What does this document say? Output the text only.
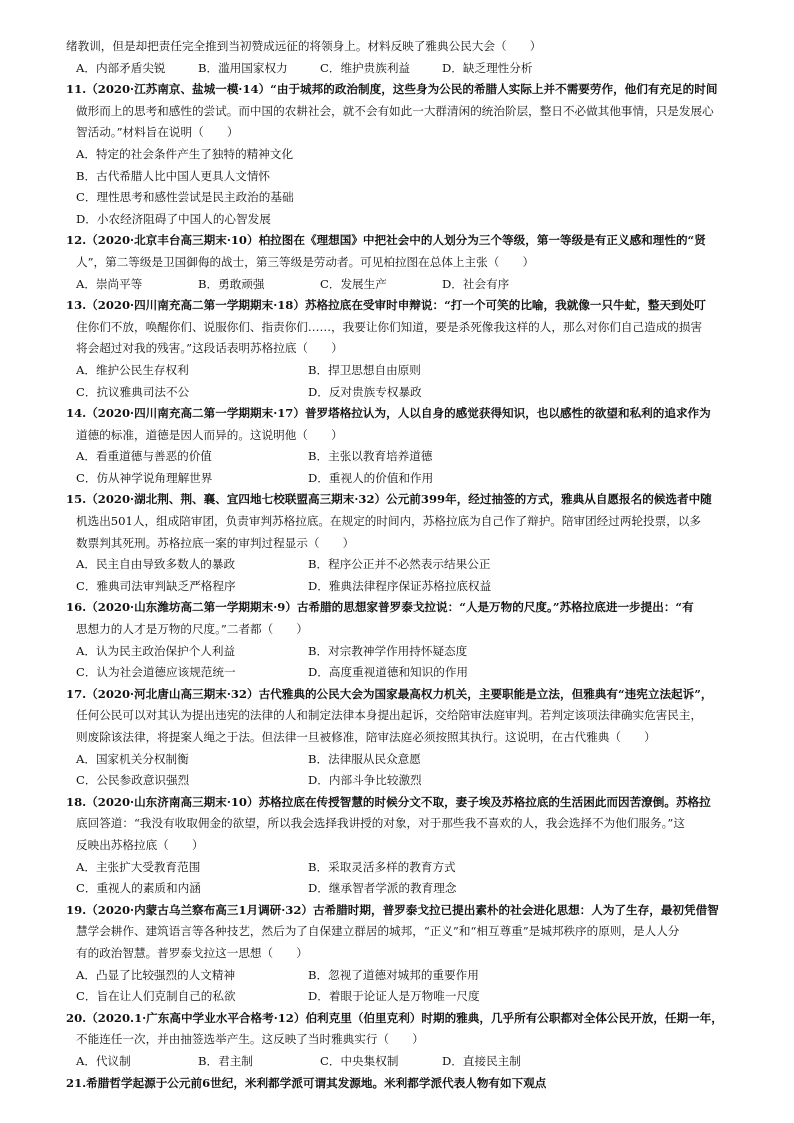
绪教训，但是却把责任完全推到当初赞成远征的将领身上。材料反映了雅典公民大会（　　）
A．内部矛盾尖锐	B．滥用国家权力	C．维护贵族利益	D．缺乏理性分析
11.（2020·江苏南京、盐城一模·14）“由于城邦的政治制度，这些身为公民的希腊人实际上并不需要劳作，他们有充足的时间
做形而上的思考和感性的尝试。而中国的农耕社会，就不会有如此一大群清闲的统治阶层，整日不必做其他事情，只是发展心
智活动。”材料旨在说明（　　）
A．特定的社会条件产生了独特的精神文化
B．古代希腊人比中国人更具人文情怀
C．理性思考和感性尝试是民主政治的基础
D．小农经济阻碍了中国人的心智发展
12.（2020·北京丰台高三期末·10）柏拉图在《理想国》中把社会中的人划分为三个等级，第一等级是有正义感和理性的“贤
人”，第二等级是卫国御侮的战士，第三等级是劳动者。可见柏拉图在总体上主张（　　）
A．崇尚平等	B．勇敢顽强	C．发展生产	D．社会有序
13.（2020·四川南充高二第一学期期末·18）苏格拉底在受审时申辩说：“打一个可笑的比喻，我就像一只牛虻，整天到处叮
住你们不放，唤醒你们、说服你们、指责你们……，我要让你们知道，要是杀死像我这样的人，那么对你们自己造成的损害
将会超过对我的残害。”这段话表明苏格拉底（　　）
A．维护公民生存权利	B．捍卫思想自由原则
C．抗议雅典司法不公	D．反对贵族专权暴政
14.（2020·四川南充高二第一学期期末·17）普罗塔格拉认为，人以自身的感觉获得知识，也以感性的欲望和私利的追求作为
道德的标准，道德是因人而异的。这说明他（　　）
A．看重道德与善恶的价值	B．主张以教育培养道德
C．仿从神学说角理解世界	D．重视人的价值和作用
15.（2020·湖北荆、荆、襄、宜四地七校联盟高三期末·32）公元前399年，经过抽签的方式，雅典从自愿报名的候选者中随
机选出501人，组成陪审团，负责审判苏格拉底。在规定的时间内，苏格拉底为自己作了辩护。陪审团经过两轮投票，以多
数票判其死刑。苏格拉底一案的审判过程显示（　　）
A．民主自由导致多数人的暴政	B．程序公正并不必然表示结果公正
C．雅典司法审判缺乏严格程序	D．雅典法律程序保证苏格拉底权益
16.（2020·山东潍坊高二第一学期期末·9）古希腊的思想家普罗泰戈拉说：“人是万物的尺度。”苏格拉底进一步提出：“有
思想力的人才是万物的尺度。”二者都（　　）
A．认为民主政治保护个人利益	B．对宗教神学作用持怀疑态度
C．认为社会道德应该规范统一	D．高度重视道德和知识的作用
17.（2020·河北唐山高三期末·32）古代雅典的公民大会为国家最高权力机关，主要职能是立法，但雅典有“违宪立法起诉”，
任何公民可以对其认为提出违宪的法律的人和制定法律本身提出起诉，交给陪审法庭审判。若判定该项法律确实危害民主，
则废除该法律，将提案人绳之于法。但法律一旦被修准，陪审法庭必须按照其执行。这说明，在古代雅典（　　）
A．国家机关分权制衡	B．法律服从民众意愿
C．公民参政意识强烈	D．内部斗争比较激烈
18.（2020·山东济南高三期末·10）苏格拉底在传授智慧的时候分文不取，妻子埃及苏格拉底的生活困此而因苦潦倒。苏格拉
底回答道：“我没有收取佣金的欲望，所以我会选择我讲授的对象，对于那些我不喜欢的人，我会选择不为他们服务。”这
反映出苏格拉底（　　）
A．主张扩大受教育范围	B．采取灵活多样的教育方式
C．重视人的素质和内涵	D．继承智者学派的教育理念
19.（2020·内蒙古乌兰察布高三1月调研·32）古希腊时期，普罗泰戈拉已提出素朴的社会进化思想：人为了生存，最初凭借智
慧学会耕作、建筑语言等各种技艺，然后为了自保建立群居的城邦，“正义”和“相互尊重”是城邦秩序的原则，是人人分
有的政治智慧。普罗泰戈拉这一思想（　　）
A．凸显了比较强烈的人文精神	B．忽视了道德对城邦的重要作用
C．旨在让人们克制自己的私欲	D．着眼于论证人是万物唯一尺度
20.（2020.1·广东高中学业水平合格考·12）伯利克里（伯里克利）时期的雅典，几乎所有公职都对全体公民开放，任期一年，
不能连任一次，并由抽签选举产生。这反映了当时雅典实行（　　）
A．代议制	B．君主制	C．中央集权制	D．直接民主制
21.希腊哲学起源于公元前6世纪，米利都学派可谓其发源地。米利都学派代表人物有如下观点
